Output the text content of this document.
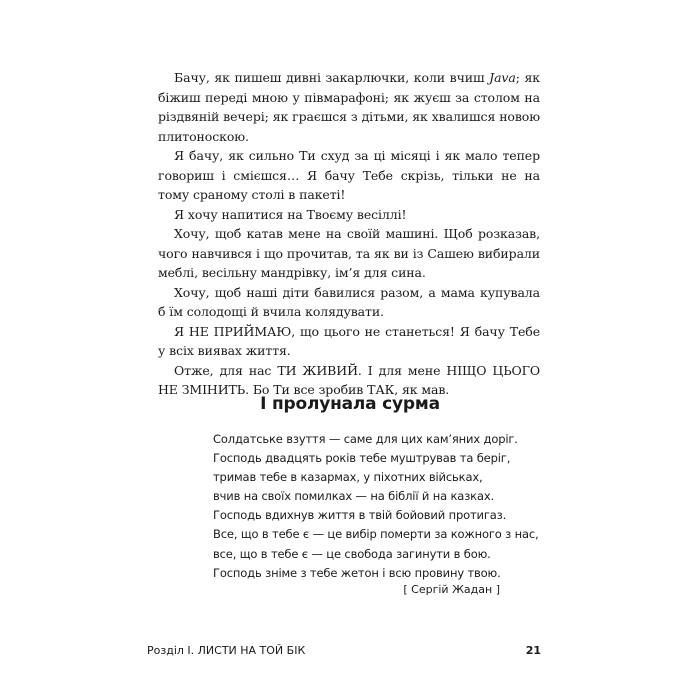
Бачу, як пишеш дивні закарлючки, коли вчиш Java; як біжиш переді мною у півмарафоні; як жуєш за столом на різдвяній вечері; як граєшся з дітьми, як хвалишся новою плитоноскою.

Я бачу, як сильно Ти схуд за ці місяці і як мало тепер говориш і смієшся… Я бачу Тебе скрізь, тільки не на тому сраному столі в пакеті!

Я хочу напитися на Твоєму весіллі!

Хочу, щоб катав мене на своїй машині. Щоб розказав, чого навчився і що прочитав, та як ви із Сашею вибирали меблі, весільну мандрівку, ім’я для сина.

Хочу, щоб наші діти бавилися разом, а мама купувала б їм солодощі й вчила колядувати.

Я НЕ ПРИЙМАЮ, що цього не станеться! Я бачу Тебе у всіх виявах життя.

Отже, для нас ТИ ЖИВИЙ. І для мене НІЩО ЦЬОГО НЕ ЗМІНИТЬ. Бо Ти все зробив ТАК, як мав.

І пролунала сурма
Солдатське взуття — саме для цих кам’яних доріг.
Господь двадцять років тебе муштрував та беріг,
тримав тебе в казармах, у піхотних військах,
вчив на своїх помилках — на біблії й на казках.
Господь вдихнув життя в твій бойовий протигаз.
Все, що в тебе є — це вибір померти за кожного з нас,
все, що в тебе є — це свобода загинути в бою.
Господь зніме з тебе жетон і всю провину твою.
[ Сергій Жадан ]
Розділ І. ЛИСТИ НА ТОЙ БІК	21
